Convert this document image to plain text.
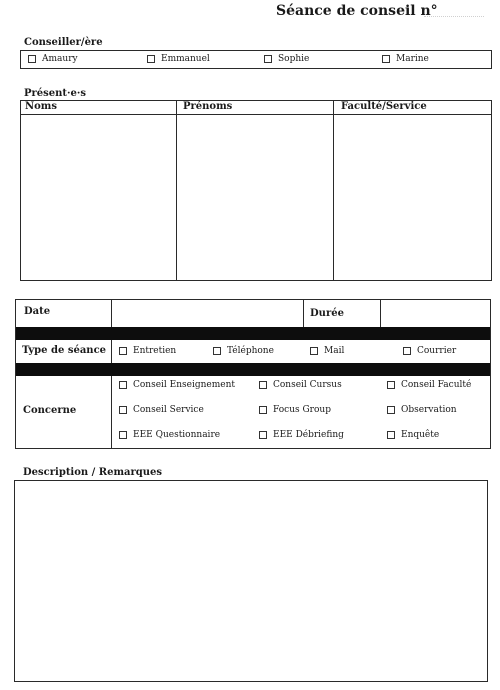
Séance de conseil n°
Conseiller/ère
Amaury	Emmanuel	Sophie	Marine
Présent·e·s
Noms	Prénoms	Faculté/Service
Date	Durée
Type de séance	Entretien	Téléphone	Mail	Courrier
Concerne
Conseil Enseignement	Conseil Cursus	Conseil Faculté
Conseil Service	Focus Group	Observation
EEE Questionnaire	EEE Débriefing	Enquête
Description / Remarques
